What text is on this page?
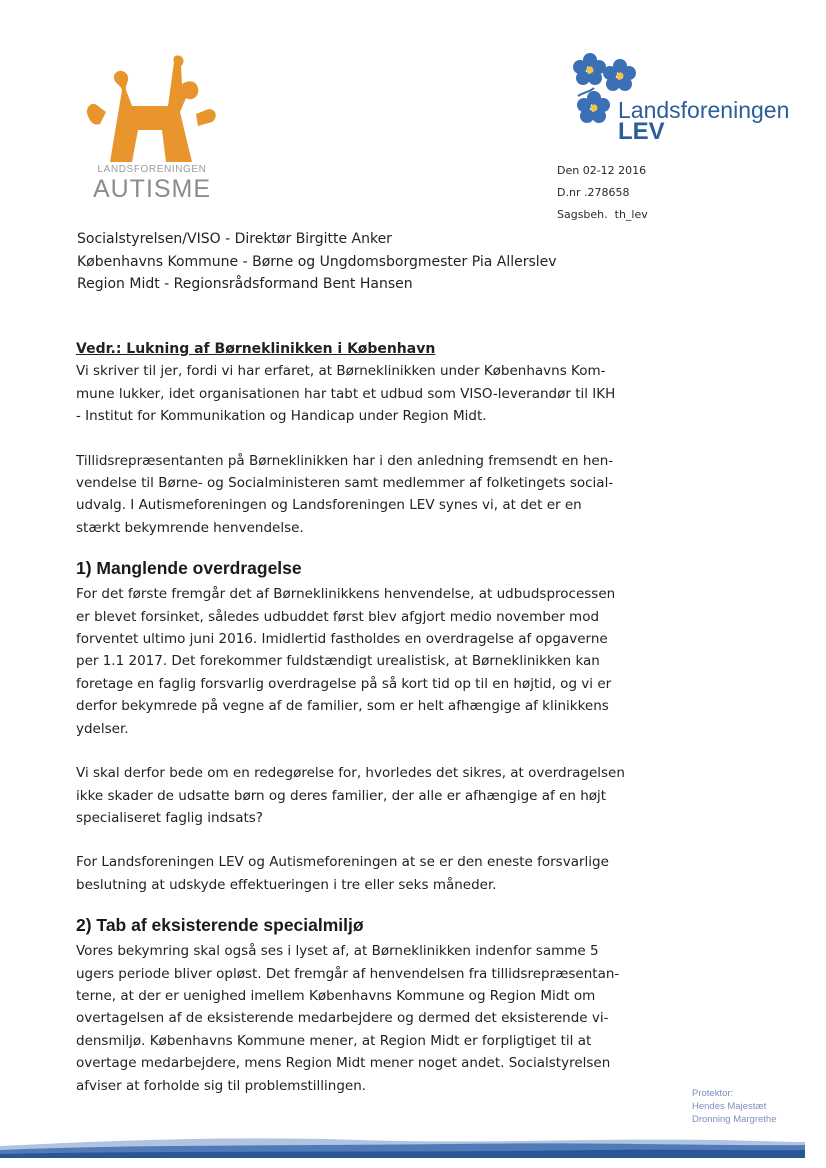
LANDSFORENINGEN
AUTISME
Landsforeningen
LEV
Den 02-12 2016
D.nr .278658
Sagsbeh.  th_lev
Socialstyrelsen/VISO - Direktør Birgitte Anker
Københavns Kommune - Børne og Ungdomsborgmester Pia Allerslev
Region Midt - Regionsrådsformand Bent Hansen
Vedr.: Lukning af Børneklinikken i København
Vi skriver til jer, fordi vi har erfaret, at Børneklinikken under Københavns Kom-
mune lukker, idet organisationen har tabt et udbud som VISO-leverandør til IKH
- Institut for Kommunikation og Handicap under Region Midt.
Tillidsrepræsentanten på Børneklinikken har i den anledning fremsendt en hen-
vendelse til Børne- og Socialministeren samt medlemmer af folketingets social-
udvalg. I Autismeforeningen og Landsforeningen LEV synes vi, at det er en
stærkt bekymrende henvendelse.
1) Manglende overdragelse
For det første fremgår det af Børneklinikkens henvendelse, at udbudsprocessen
er blevet forsinket, således udbuddet først blev afgjort medio november mod
forventet ultimo juni 2016. Imidlertid fastholdes en overdragelse af opgaverne
per 1.1 2017. Det forekommer fuldstændigt urealistisk, at Børneklinikken kan
foretage en faglig forsvarlig overdragelse på så kort tid op til en højtid, og vi er
derfor bekymrede på vegne af de familier, som er helt afhængige af klinikkens
ydelser.
Vi skal derfor bede om en redegørelse for, hvorledes det sikres, at overdragelsen
ikke skader de udsatte børn og deres familier, der alle er afhængige af en højt
specialiseret faglig indsats?
For Landsforeningen LEV og Autismeforeningen at se er den eneste forsvarlige
beslutning at udskyde effektueringen i tre eller seks måneder.
2) Tab af eksisterende specialmiljø
Vores bekymring skal også ses i lyset af, at Børneklinikken indenfor samme 5
ugers periode bliver opløst. Det fremgår af henvendelsen fra tillidsrepræsentan-
terne, at der er uenighed imellem Københavns Kommune og Region Midt om
overtagelsen af de eksisterende medarbejdere og dermed det eksisterende vi-
densmiljø. Københavns Kommune mener, at Region Midt er forpligtiget til at
overtage medarbejdere, mens Region Midt mener noget andet. Socialstyrelsen
afviser at forholde sig til problemstillingen.	Protektor:
Hendes Majestæt
Dronning Margrethe
